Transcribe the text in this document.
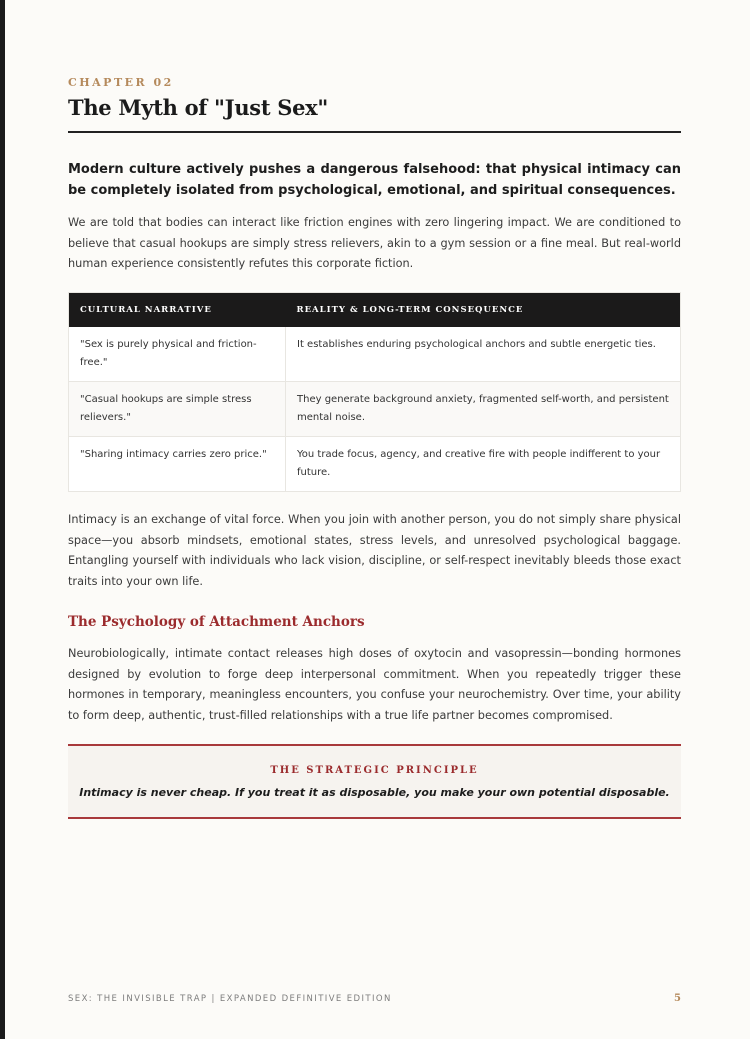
CHAPTER 02
The Myth of "Just Sex"

Modern culture actively pushes a dangerous falsehood: that physical intimacy can be completely isolated from psychological, emotional, and spiritual consequences.

We are told that bodies can interact like friction engines with zero lingering impact. We are conditioned to believe that casual hookups are simply stress relievers, akin to a gym session or a fine meal. But real-world human experience consistently refutes this corporate fiction.

CULTURAL NARRATIVE	REALITY & LONG-TERM CONSEQUENCE
"Sex is purely physical and friction-free."	It establishes enduring psychological anchors and subtle energetic ties.
"Casual hookups are simple stress relievers."	They generate background anxiety, fragmented self-worth, and persistent mental noise.
"Sharing intimacy carries zero price."	You trade focus, agency, and creative fire with people indifferent to your future.

Intimacy is an exchange of vital force. When you join with another person, you do not simply share physical space—you absorb mindsets, emotional states, stress levels, and unresolved psychological baggage. Entangling yourself with individuals who lack vision, discipline, or self-respect inevitably bleeds those exact traits into your own life.

The Psychology of Attachment Anchors

Neurobiologically, intimate contact releases high doses of oxytocin and vasopressin—bonding hormones designed by evolution to forge deep interpersonal commitment. When you repeatedly trigger these hormones in temporary, meaningless encounters, you confuse your neurochemistry. Over time, your ability to form deep, authentic, trust-filled relationships with a true life partner becomes compromised.

THE STRATEGIC PRINCIPLE
Intimacy is never cheap. If you treat it as disposable, you make your own potential disposable.
SEX: THE INVISIBLE TRAP | EXPANDED DEFINITIVE EDITION	5
